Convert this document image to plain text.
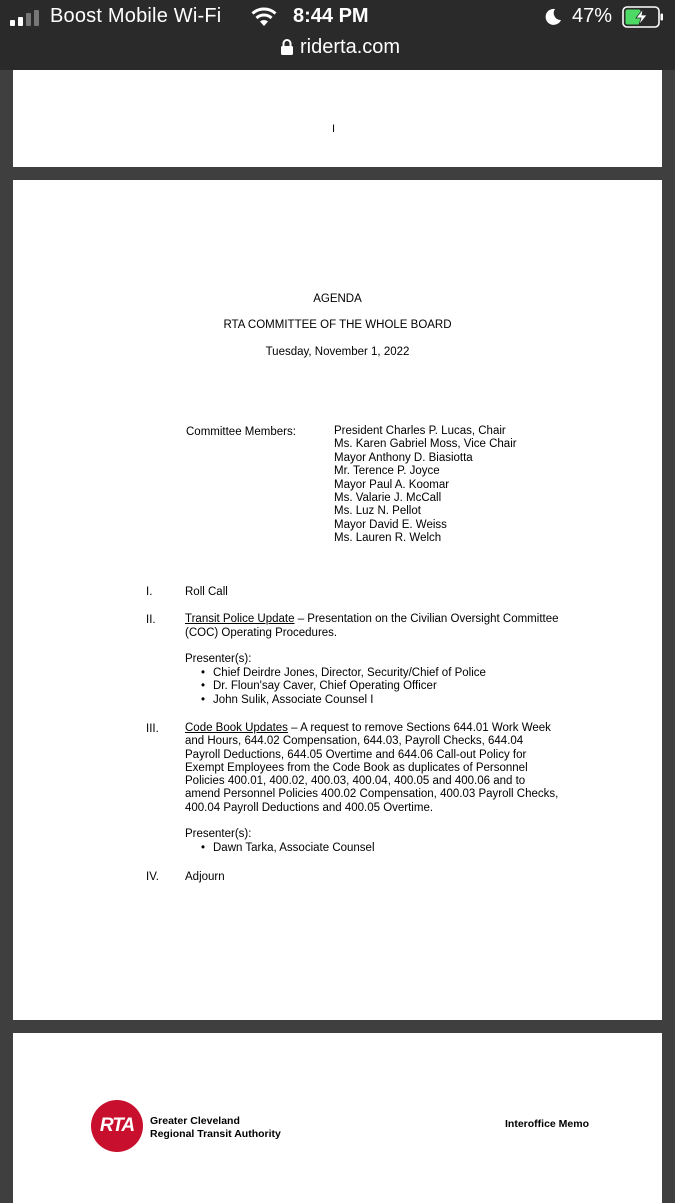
Boost Mobile Wi-Fi	8:44 PM	47%
riderta.com
I
AGENDA
RTA COMMITTEE OF THE WHOLE BOARD
Tuesday, November 1, 2022
Committee Members:	President Charles P. Lucas, Chair
Ms. Karen Gabriel Moss, Vice Chair
Mayor Anthony D. Biasiotta
Mr. Terence P. Joyce
Mayor Paul A. Koomar
Ms. Valarie J. McCall
Ms. Luz N. Pellot
Mayor David E. Weiss
Ms. Lauren R. Welch
I.	Roll Call
II.	Transit Police Update – Presentation on the Civilian Oversight Committee
(COC) Operating Procedures.
Presenter(s):
• Chief Deirdre Jones, Director, Security/Chief of Police
• Dr. Floun'say Caver, Chief Operating Officer
• John Sulik, Associate Counsel I
III. Code Book Updates – A request to remove Sections 644.01 Work Week
and Hours, 644.02 Compensation, 644.03, Payroll Checks, 644.04
Payroll Deductions, 644.05 Overtime and 644.06 Call-out Policy for
Exempt Employees from the Code Book as duplicates of Personnel
Policies 400.01, 400.02, 400.03, 400.04, 400.05 and 400.06 and to
amend Personnel Policies 400.02 Compensation, 400.03 Payroll Checks,
400.04 Payroll Deductions and 400.05 Overtime.
Presenter(s):
• Dawn Tarka, Associate Counsel
IV. Adjourn
RTA	Greater Cleveland
Regional Transit Authority
Interoffice Memo
